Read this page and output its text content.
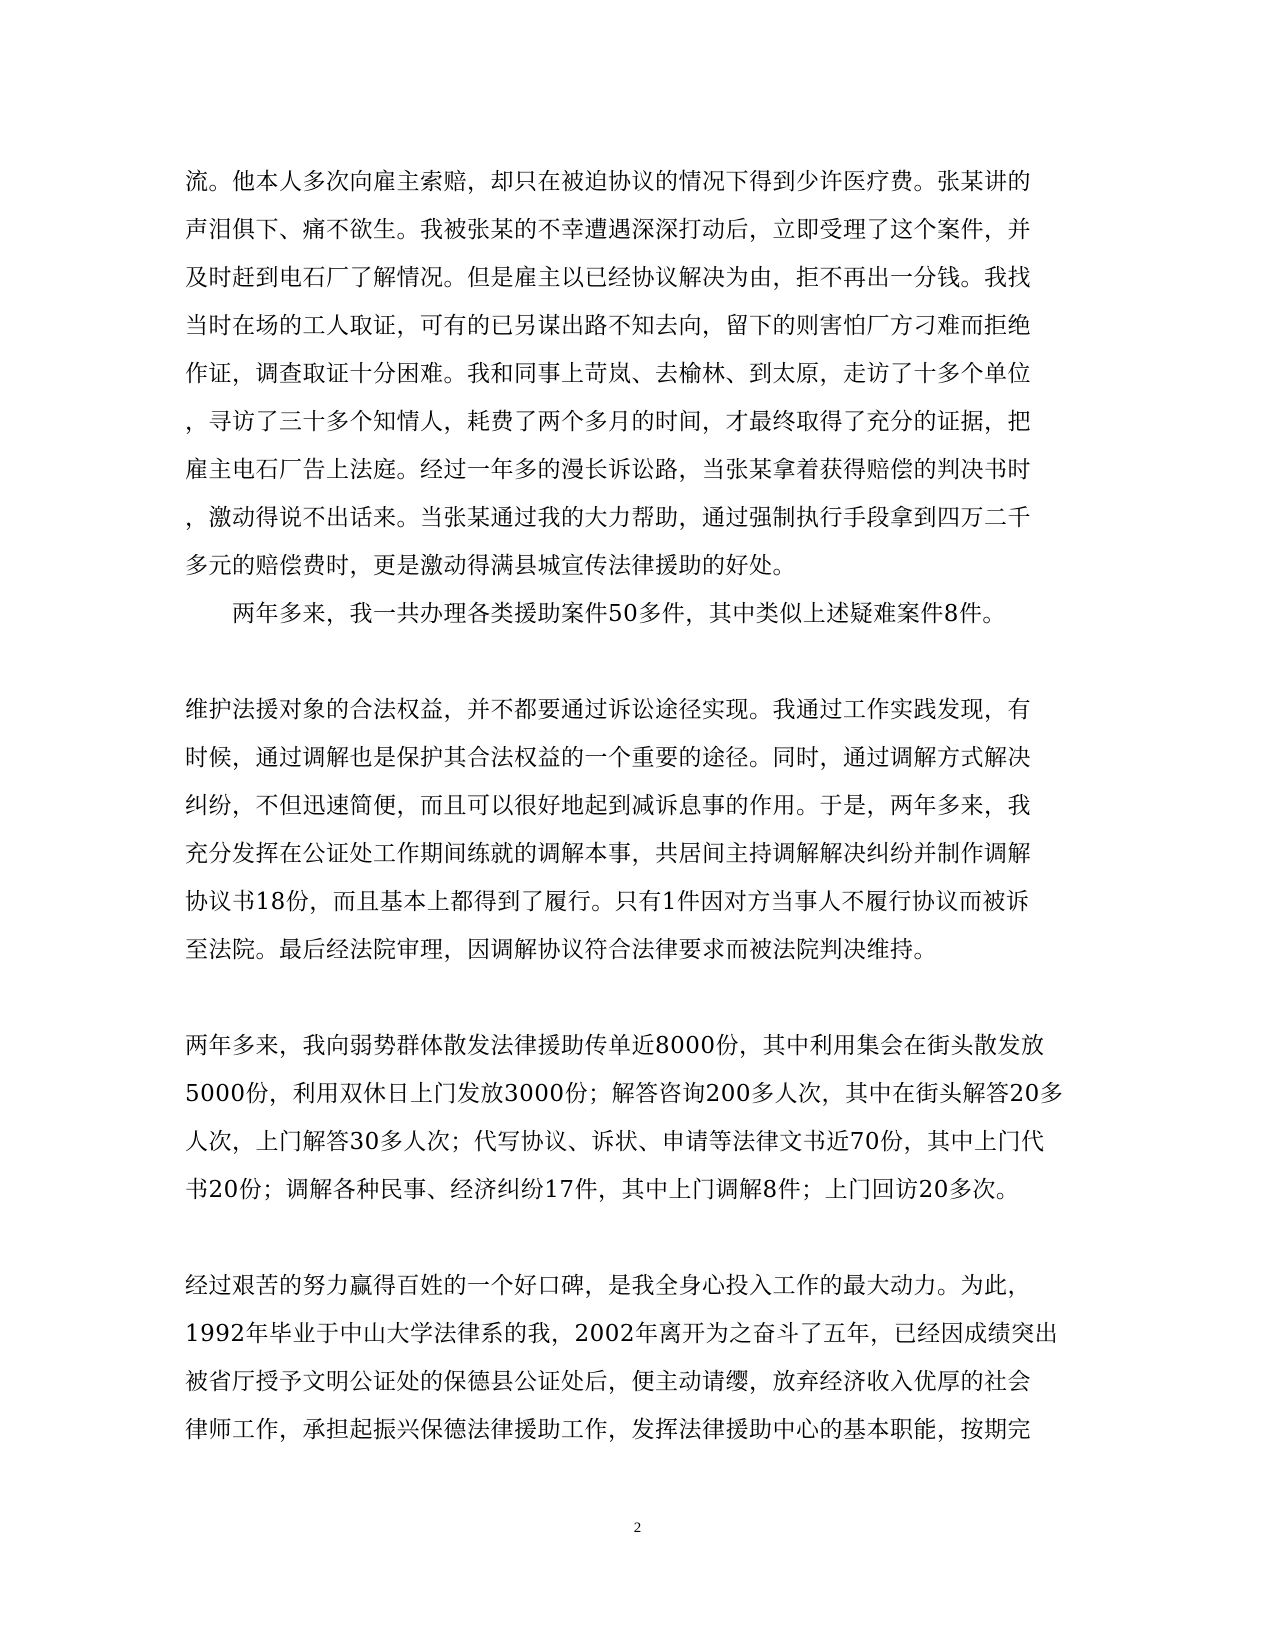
流。他本人多次向雇主索赔，却只在被迫协议的情况下得到少许医疗费。张某讲的
声泪俱下、痛不欲生。我被张某的不幸遭遇深深打动后，立即受理了这个案件，并
及时赶到电石厂了解情况。但是雇主以已经协议解决为由，拒不再出一分钱。我找
当时在场的工人取证，可有的已另谋出路不知去向，留下的则害怕厂方刁难而拒绝
作证，调查取证十分困难。我和同事上苛岚、去榆林、到太原，走访了十多个单位
，寻访了三十多个知情人，耗费了两个多月的时间，才最终取得了充分的证据，把
雇主电石厂告上法庭。经过一年多的漫长诉讼路，当张某拿着获得赔偿的判决书时
，激动得说不出话来。当张某通过我的大力帮助，通过强制执行手段拿到四万二千
多元的赔偿费时，更是激动得满县城宣传法律援助的好处。
　　两年多来，我一共办理各类援助案件50多件，其中类似上述疑难案件8件。
维护法援对象的合法权益，并不都要通过诉讼途径实现。我通过工作实践发现，有
时候，通过调解也是保护其合法权益的一个重要的途径。同时，通过调解方式解决
纠纷，不但迅速简便，而且可以很好地起到减诉息事的作用。于是，两年多来，我
充分发挥在公证处工作期间练就的调解本事，共居间主持调解解决纠纷并制作调解
协议书18份，而且基本上都得到了履行。只有1件因对方当事人不履行协议而被诉
至法院。最后经法院审理，因调解协议符合法律要求而被法院判决维持。
两年多来，我向弱势群体散发法律援助传单近8000份，其中利用集会在街头散发放
5000份，利用双休日上门发放3000份；解答咨询200多人次，其中在街头解答20多
人次，上门解答30多人次；代写协议、诉状、申请等法律文书近70份，其中上门代
书20份；调解各种民事、经济纠纷17件，其中上门调解8件；上门回访20多次。
经过艰苦的努力赢得百姓的一个好口碑，是我全身心投入工作的最大动力。为此，
1992年毕业于中山大学法律系的我，2002年离开为之奋斗了五年，已经因成绩突出
被省厅授予文明公证处的保德县公证处后，便主动请缨，放弃经济收入优厚的社会
律师工作，承担起振兴保德法律援助工作，发挥法律援助中心的基本职能，按期完
2
